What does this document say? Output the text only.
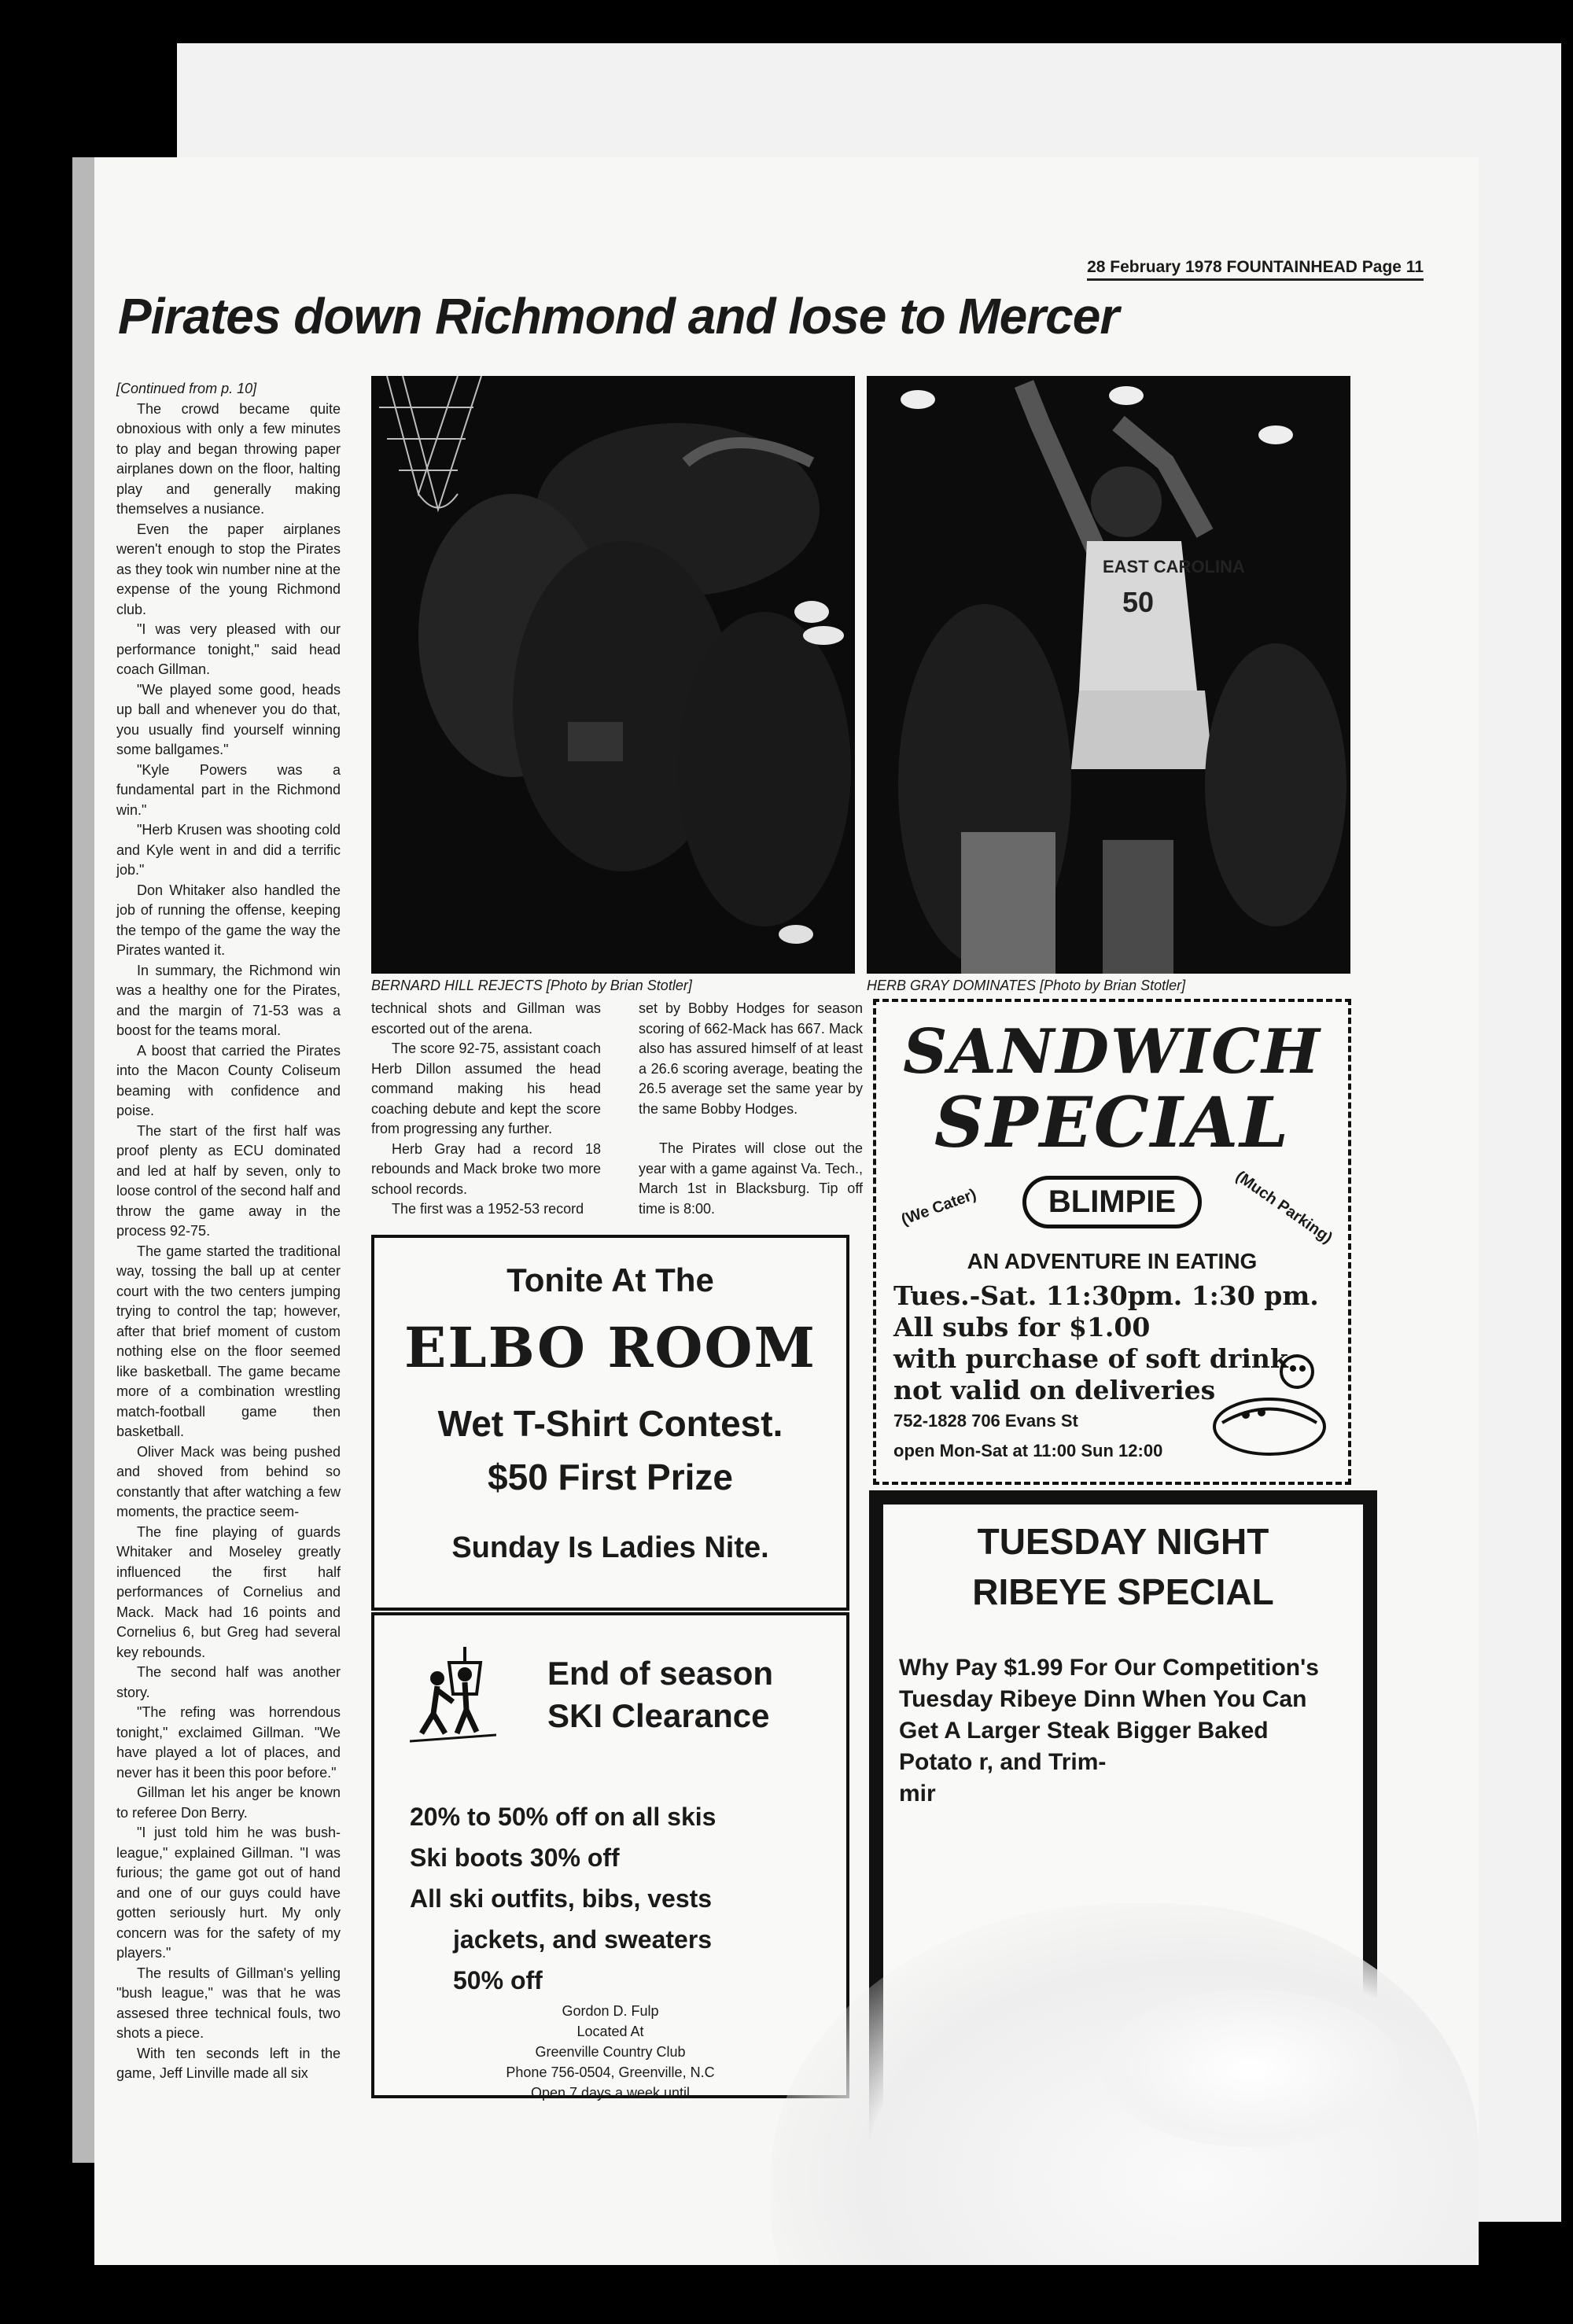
28 February 1978 FOUNTAINHEAD Page 11
Pirates down Richmond and lose to Mercer

[Continued from p. 10]

The crowd became quite obnoxious with only a few minutes to play and began throwing paper airplanes down on the floor, halting play and generally making themselves a nusiance.

Even the paper airplanes weren't enough to stop the Pirates as they took win number nine at the expense of the young Richmond club.

"I was very pleased with our performance tonight," said head coach Gillman.

"We played some good, heads up ball and whenever you do that, you usually find yourself winning some ballgames."

"Kyle Powers was a fundamental part in the Richmond win."

"Herb Krusen was shooting cold and Kyle went in and did a terrific job."

Don Whitaker also handled the job of running the offense, keeping the tempo of the game the way the Pirates wanted it.

In summary, the Richmond win was a healthy one for the Pirates, and the margin of 71-53 was a boost for the teams moral.

A boost that carried the Pirates into the Macon County Coliseum beaming with confidence and poise.

The start of the first half was proof plenty as ECU dominated and led at half by seven, only to loose control of the second half and throw the game away in the process 92-75.

The game started the traditional way, tossing the ball up at center court with the two centers jumping trying to control the tap; however, after that brief moment of custom nothing else on the floor seemed like basketball. The game became more of a combination wrestling match-football game then basketball.

Oliver Mack was being pushed and shoved from behind so constantly that after watching a few moments, the practice seem-

The fine playing of guards Whitaker and Moseley greatly influenced the first half performances of Cornelius and Mack. Mack had 16 points and Cornelius 6, but Greg had several key rebounds.

The second half was another story.

"The refing was horrendous tonight," exclaimed Gillman. "We have played a lot of places, and never has it been this poor before."

Gillman let his anger be known to referee Don Berry.

"I just told him he was bush-league," explained Gillman. "I was furious; the game got out of hand and one of our guys could have gotten seriously hurt. My only concern was for the safety of my players."

The results of Gillman's yelling "bush league," was that he was assesed three technical fouls, two shots a piece.

With ten seconds left in the game, Jeff Linville made all six

BERNARD HILL REJECTS [Photo by Brian Stotler]
EAST CAROLINA
50
HERB GRAY DOMINATES [Photo by Brian Stotler]

technical shots and Gillman was escorted out of the arena.

The score 92-75, assistant coach Herb Dillon assumed the head command making his head coaching debute and kept the score from progressing any further.

Herb Gray had a record 18 rebounds and Mack broke two more school records.

The first was a 1952-53 record

set by Bobby Hodges for season scoring of 662-Mack has 667. Mack also has assured himself of at least a 26.6 scoring average, beating the 26.5 average set the same year by the same Bobby Hodges.

The Pirates will close out the year with a game against Va. Tech., March 1st in Blacksburg. Tip off time is 8:00.

Tonite At The
ELBO ROOM
Wet T-Shirt Contest.
$50 First Prize
Sunday Is Ladies Nite.
End of season
SKI Clearance
20% to 50% off on all skis
Ski boots 30% off
All ski outfits, bibs, vests
jackets, and sweaters
50% off
Gordon D. Fulp
Located At
Greenville Country Club
Phone 756-0504, Greenville, N.C
Open 7 days a week until
SANDWICH
SPECIAL
(We Cater)	(Much Parking)
BLIMPIE
AN ADVENTURE IN EATING
Tues.-Sat. 11:30pm. 1:30 pm.
All subs for $1.00
with purchase of soft drink
not valid on deliveries
752-1828 706 Evans St
open Mon-Sat at 11:00 Sun 12:00
TUESDAY NIGHT
RIBEYE SPECIAL
Why Pay $1.99 For Our Competition's
Tuesday Ribeye Dinn When You Can
Get A Larger Steak Bigger Baked
Potato r, and Trim-
mir
